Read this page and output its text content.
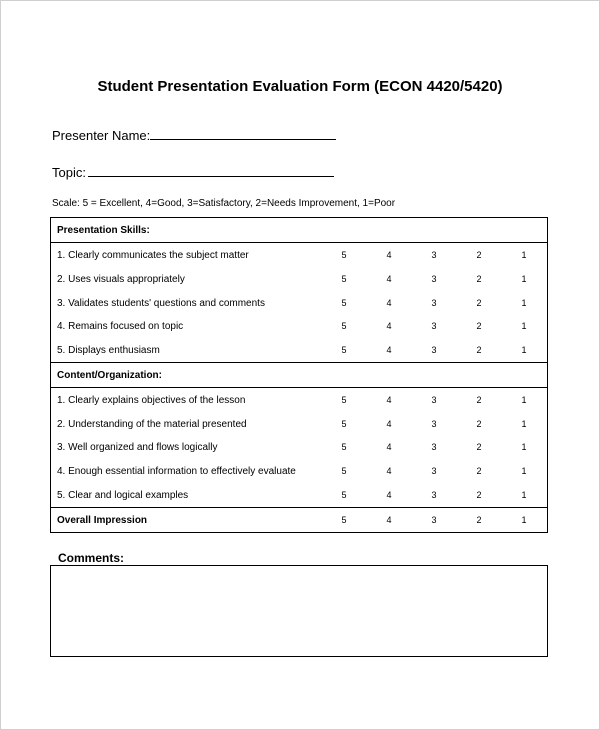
Student Presentation Evaluation Form (ECON 4420/5420)
Presenter Name:
Topic:
Scale: 5 = Excellent, 4=Good, 3=Satisfactory, 2=Needs Improvement, 1=Poor
Presentation Skills:
1. Clearly communicates the subject matter	5	4	3	2	1
2. Uses visuals appropriately	5	4	3	2	1
3. Validates students' questions and comments	5	4	3	2	1
4. Remains focused on topic	5	4	3	2	1
5. Displays enthusiasm	5	4	3	2	1
Content/Organization:
1. Clearly explains objectives of the lesson	5	4	3	2	1
2. Understanding of the material presented	5	4	3	2	1
3. Well organized and flows logically	5	4	3	2	1
4. Enough essential information to effectively evaluate	5	4	3	2	1
5. Clear and logical examples	5	4	3	2	1
Overall Impression	5	4	3	2	1
Comments:
